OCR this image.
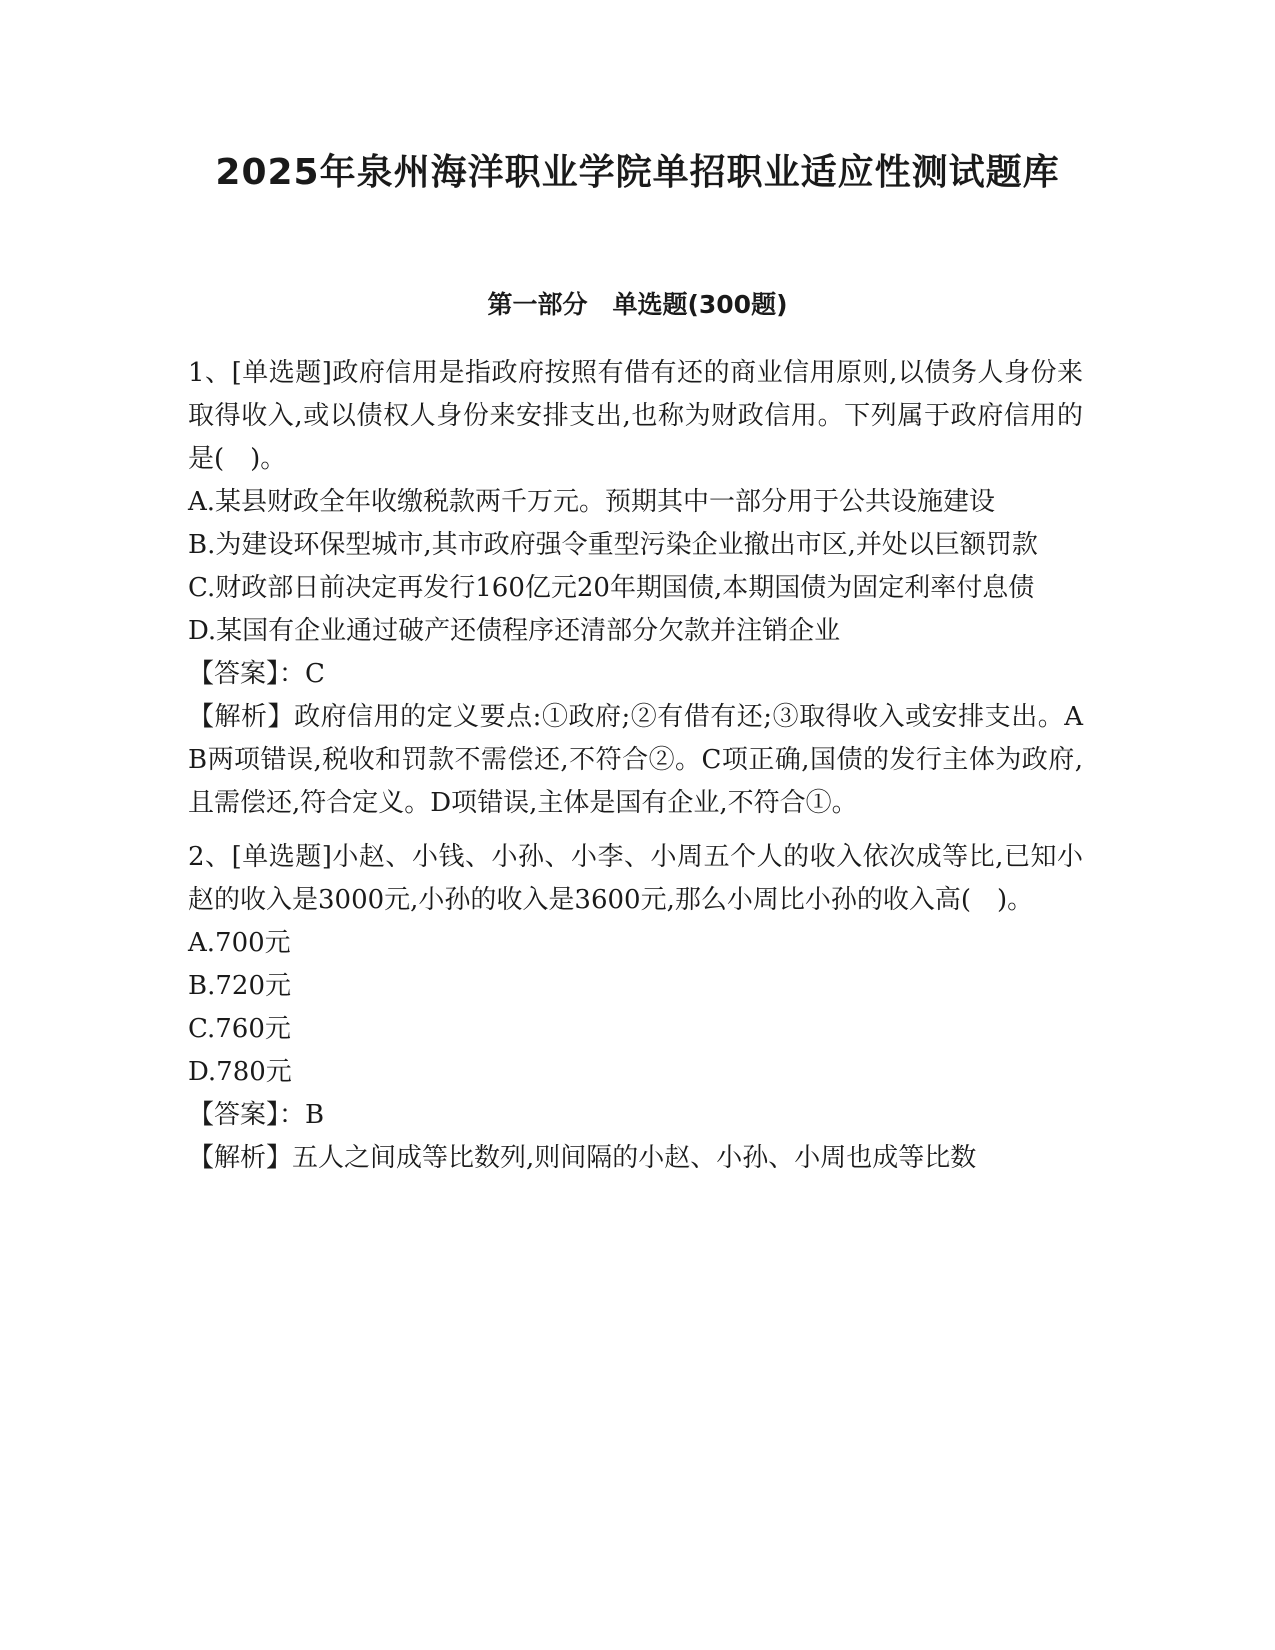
2025年泉州海洋职业学院单招职业适应性测试题库
第一部分　单选题(300题)
1、[单选题]政府信用是指政府按照有借有还的商业信用原则,以债务人身份来取得收入,或以债权人身份来安排支出,也称为财政信用。下列属于政府信用的是(　)。
A.某县财政全年收缴税款两千万元。预期其中一部分用于公共设施建设
B.为建设环保型城市,其市政府强令重型污染企业撤出市区,并处以巨额罚款
C.财政部日前决定再发行160亿元20年期国债,本期国债为固定利率付息债
D.某国有企业通过破产还债程序还清部分欠款并注销企业
【答案】：C
【解析】政府信用的定义要点:①政府;②有借有还;③取得收入或安排支出。AB两项错误,税收和罚款不需偿还,不符合②。C项正确,国债的发行主体为政府,且需偿还,符合定义。D项错误,主体是国有企业,不符合①。
2、[单选题]小赵、小钱、小孙、小李、小周五个人的收入依次成等比,已知小赵的收入是3000元,小孙的收入是3600元,那么小周比小孙的收入高(　)。
A.700元
B.720元
C.760元
D.780元
【答案】：B
【解析】五人之间成等比数列,则间隔的小赵、小孙、小周也成等比数
